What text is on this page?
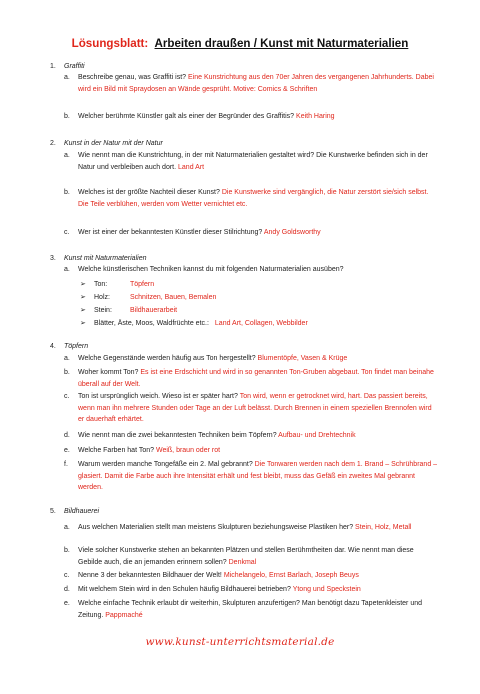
Lösungsblatt: Arbeiten draußen / Kunst mit Naturmaterialien
1. Graffiti
a. Beschreibe genau, was Graffiti ist? Eine Kunstrichtung aus den 70er Jahren des vergangenen Jahrhunderts. Dabei wird ein Bild mit Spraydosen an Wände gesprüht. Motive: Comics & Schriften
b. Welcher berühmte Künstler galt als einer der Begründer des Graffitis? Keith Haring
2. Kunst in der Natur mit der Natur
a. Wie nennt man die Kunstrichtung, in der mit Naturmaterialien gestaltet wird? Die Kunstwerke befinden sich in der Natur und verbleiben auch dort. Land Art
b. Welches ist der größte Nachteil dieser Kunst? Die Kunstwerke sind vergänglich, die Natur zerstört sie/sich selbst. Die Teile verblühen, werden vom Wetter vernichtet etc.
c. Wer ist einer der bekanntesten Künstler dieser Stilrichtung? Andy Goldsworthy
3. Kunst mit Naturmaterialien
a. Welche künstlerischen Techniken kannst du mit folgenden Naturmaterialien ausüben?
➢ Ton:	Töpfern
➢ Holz:	Schnitzen, Bauen, Bemalen
➢ Stein:	Bildhauerarbeit
➢ Blätter, Äste, Moos, Waldfrüchte etc.: Land Art, Collagen, Webbilder
4. Töpfern
a. Welche Gegenstände werden häufig aus Ton hergestellt? Blumentöpfe, Vasen & Krüge
b. Woher kommt Ton? Es ist eine Erdschicht und wird in so genannten Ton-Gruben abgebaut. Ton findet man beinahe überall auf der Welt.
c. Ton ist ursprünglich weich. Wieso ist er später hart? Ton wird, wenn er getrocknet wird, hart. Das passiert bereits, wenn man ihn mehrere Stunden oder Tage an der Luft belässt. Durch Brennen in einem speziellen Brennofen wird er dauerhaft erhärtet.
d. Wie nennt man die zwei bekanntesten Techniken beim Töpfern? Aufbau- und Drehtechnik
e. Welche Farben hat Ton? Weiß, braun oder rot
f. Warum werden manche Tongefäße ein 2. Mal gebrannt? Die Tonwaren werden nach dem 1. Brand – Schrühbrand – glasiert. Damit die Farbe auch ihre Intensität erhält und fest bleibt, muss das Gefäß ein zweites Mal gebrannt werden.
5. Bildhauerei
a. Aus welchen Materialien stellt man meistens Skulpturen beziehungsweise Plastiken her? Stein, Holz, Metall
b. Viele solcher Kunstwerke stehen an bekannten Plätzen und stellen Berühmtheiten dar. Wie nennt man diese Gebilde auch, die an jemanden erinnern sollen? Denkmal
c. Nenne 3 der bekanntesten Bildhauer der Welt! Michelangelo, Ernst Barlach, Joseph Beuys
d. Mit welchem Stein wird in den Schulen häufig Bildhauerei betrieben? Ytong und Speckstein
e. Welche einfache Technik erlaubt dir weiterhin, Skulpturen anzufertigen? Man benötigt dazu Tapetenkleister und Zeitung. Pappmaché
www.kunst-unterrichtsmaterial.de
